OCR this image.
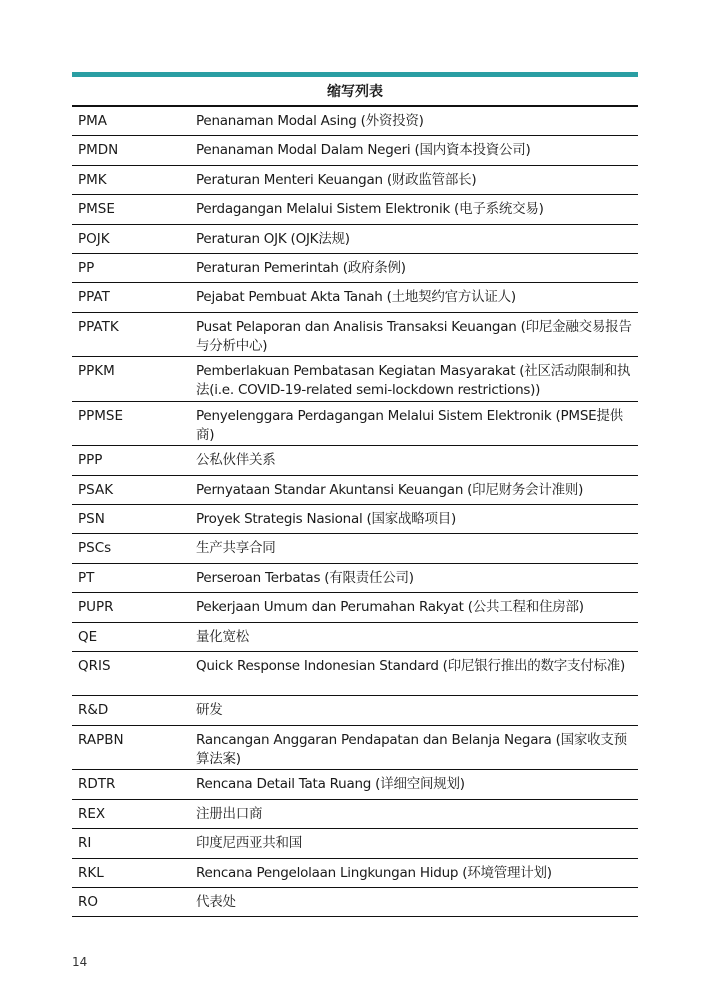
缩写列表
PMA	Penanaman Modal Asing (外资投资)
PMDN	Penanaman Modal Dalam Negeri (国内資本投資公司)
PMK	Peraturan Menteri Keuangan (财政监管部长)
PMSE	Perdagangan Melalui Sistem Elektronik (电子系统交易)
POJK	Peraturan OJK (OJK法规)
PP	Peraturan Pemerintah (政府条例)
PPAT	Pejabat Pembuat Akta Tanah (土地契约官方认证人)
PPATK	Pusat Pelaporan dan Analisis Transaksi Keuangan (印尼金融交易报告与分析中心)
PPKM	Pemberlakuan Pembatasan Kegiatan Masyarakat (社区活动限制和执法(i.e. COVID-19-related semi-lockdown restrictions))
PPMSE	Penyelenggara Perdagangan Melalui Sistem Elektronik (PMSE提供商)
PPP	公私伙伴关系
PSAK	Pernyataan Standar Akuntansi Keuangan (印尼财务会计准则)
PSN	Proyek Strategis Nasional (国家战略项目)
PSCs	生产共享合同
PT	Perseroan Terbatas (有限责任公司)
PUPR	Pekerjaan Umum dan Perumahan Rakyat (公共工程和住房部)
QE	量化宽松
QRIS	Quick Response Indonesian Standard (印尼银行推出的数字支付标准)
R&D	研发
RAPBN	Rancangan Anggaran Pendapatan dan Belanja Negara (国家收支预算法案)
RDTR	Rencana Detail Tata Ruang (详细空间规划)
REX	注册出口商
RI	印度尼西亚共和国
RKL	Rencana Pengelolaan Lingkungan Hidup (环境管理计划)
RO	代表处
14
